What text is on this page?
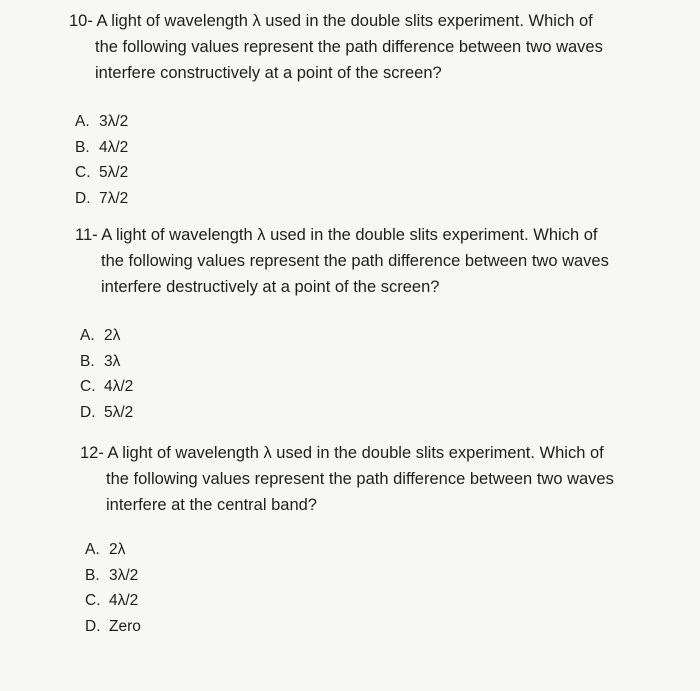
10- A light of wavelength λ used in the double slits experiment. Which of
the following values represent the path difference between two waves
interfere constructively at a point of the screen?

A. 3λ/2
B. 4λ/2
C. 5λ/2
D. 7λ/2

11- A light of wavelength λ used in the double slits experiment. Which of
the following values represent the path difference between two waves
interfere destructively at a point of the screen?

A. 2λ
B. 3λ
C. 4λ/2
D. 5λ/2

12- A light of wavelength λ used in the double slits experiment. Which of
the following values represent the path difference between two waves
interfere at the central band?

A. 2λ
B. 3λ/2
C. 4λ/2
D. Zero
